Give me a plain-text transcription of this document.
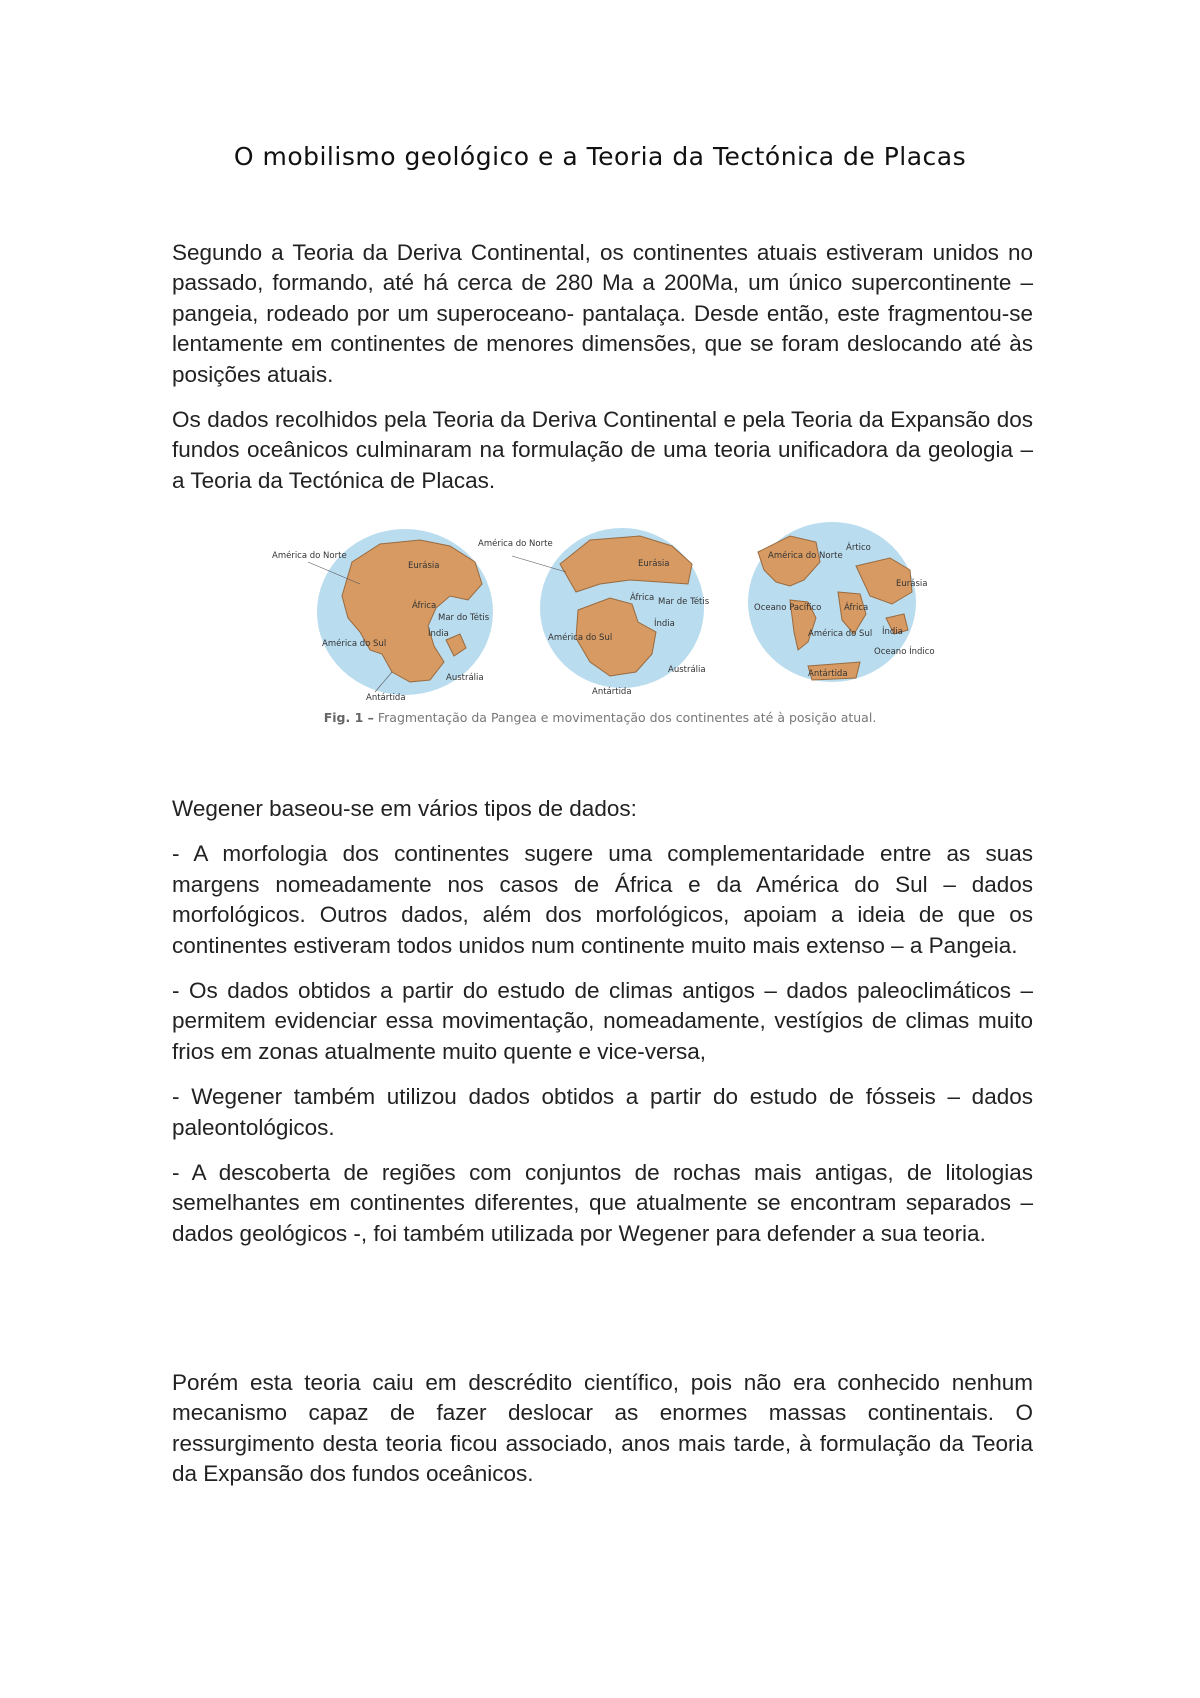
O mobilismo geológico e a Teoria da Tectónica de Placas

Segundo a Teoria da Deriva Continental, os continentes atuais estiveram unidos no passado, formando, até há cerca de 280 Ma a 200Ma, um único supercontinente – pangeia, rodeado por um superoceano- pantalaça. Desde então, este fragmentou-se lentamente em continentes de menores dimensões, que se foram deslocando até às posições atuais.

Os dados recolhidos pela Teoria da Deriva Continental e pela Teoria da Expansão dos fundos oceânicos culminaram na formulação de uma teoria unificadora da geologia – a Teoria da Tectónica de Placas.

América do Norte
Eurásia
África
Mar do Tétis
Índia
América do Sul
Austrália
Antártida
América do Norte
Eurásia
África Mar de Tétis
Índia
América do Sul
Austrália
Antártida
Ártico
América do Norte
Eurásia
Oceano Pacífico	África
América do Sul Índia
Oceano Índico
Antártida
Fig. 1 – Fragmentação da Pangea e movimentação dos continentes até à posição atual.

Wegener baseou-se em vários tipos de dados:

- A morfologia dos continentes sugere uma complementaridade entre as suas margens nomeadamente nos casos de África e da América do Sul – dados morfológicos. Outros dados, além dos morfológicos, apoiam a ideia de que os continentes estiveram todos unidos num continente muito mais extenso – a Pangeia.

- Os dados obtidos a partir do estudo de climas antigos – dados paleoclimáticos – permitem evidenciar essa movimentação, nomeadamente, vestígios de climas muito frios em zonas atualmente muito quente e vice-versa,

- Wegener também utilizou dados obtidos a partir do estudo de fósseis – dados paleontológicos.

- A descoberta de regiões com conjuntos de rochas mais antigas, de litologias semelhantes em continentes diferentes, que atualmente se encontram separados – dados geológicos -, foi também utilizada por Wegener para defender a sua teoria.

Porém esta teoria caiu em descrédito científico, pois não era conhecido nenhum mecanismo capaz de fazer deslocar as enormes massas continentais. O ressurgimento desta teoria ficou associado, anos mais tarde, à formulação da Teoria da Expansão dos fundos oceânicos.
